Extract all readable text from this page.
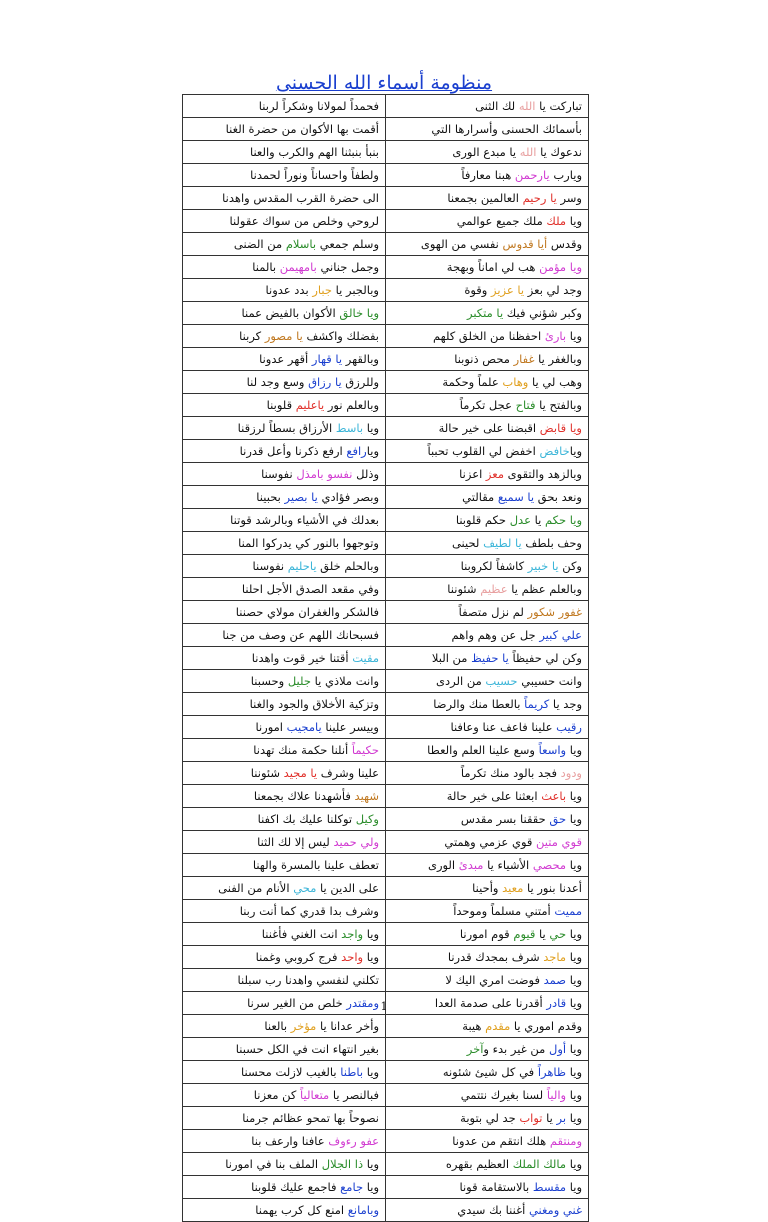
منظومة أسماء الله الحسنى
تباركت يا الله لك الثنى	فحمداً لمولانا وشكراً لربنا
بأسمائك الحسنى وأسرارها التي	أقمت بها الأكوان من حضرة الغنا
ندعوك يا الله يا مبدع الورى	بنبأ بنبثنا الهم والكرب والعنا
ويارب يارحمن هبنا معارفاً	ولطفاً واحساناً ونوراً لحمدنا
وسر يا رحيم العالمين بجمعنا	الى حضرة القرب المقدس واهدنا
ويا ملك ملك جميع عوالمي	لروحي وخلص من سواك عقولنا
وقدس أيا قدوس نفسي من الهوى	وسلم جمعي باسلام من الضنى
ويا مؤمن هب لي اماناً وبهجة	وجمل جناني بامهيمن بالمنا
وجد لي بعز يا عزيز وقوة	وبالجبر يا جبار بدد عدونا
وكبر شؤني فيك يا متكبر	ويا خالق الأكوان بالفيض عمنا
ويا بارئ احفظنا من الخلق كلهم	بفضلك واكشف يا مصور كربنا
وبالغفر يا غفار محص ذنوبنا	وبالقهر يا قهار أقهر عدونا
وهب لي يا وهاب علماً وحكمة	وللرزق يا رزاق وسع وجد لنا
وبالفتح يا فتاح عجل تكرماً	وبالعلم نور ياعليم قلوبنا
ويا قابض اقبضنا على خير حالة	ويا باسط الأرزاق بسطاً لرزقنا
وياخافض اخفض لي القلوب تحبباً	ويارافع ارفع ذكرنا وأعل قدرنا
وبالزهد والتقوى معز اعزنا	وذلل نفسو بامذل نفوسنا
ونعد بحق يا سميع مقالتي	وبصر فؤادي يا بصير بحبينا
ويا حكم يا عدل حكم قلوبنا	بعدلك في الأشياء وبالرشد قوتنا
وحف بلطف يا لطيف لحينى	وتوجهوا بالنور كي يدركوا المنا
وكن يا خبير كاشفاً لكروبنا	وبالحلم خلق ياحليم نفوسنا
وبالعلم عظم يا عظيم شئوننا	وفي مقعد الصدق الأجل احلنا
غفور شكور لم نزل متصفاً	فالشكر والغفران مولاي حصننا
علي كبير جل عن وهم واهم	فسبحانك اللهم عن وصف من جنا
وكن لي حفيظاً يا حفيظ من البلا	مقيت أقتنا خير قوت واهدنا
وانت حسيبي حسيب من الردى	وانت ملاذي يا جليل وحسبنا
وجد يا كريماً بالعطا منك والرضا	وتزكية الأخلاق والجود والغنا
رقيب علينا فاعف عنا وعافنا	وييسر علينا يامجيب امورنا
ويا واسعاً وسع علينا العلم والعطا	حكيماً أنلنا حكمة منك تهدنا
ودود فجد بالود منك تكرماً	علينا وشرف يا مجيد شئوننا
ويا باعث ابعثنا على خير حالة	شهيد فأشهدنا علاك بجمعنا
ويا حق حققنا بسر مقدس	وكيل توكلنا عليك بك اكفنا
قوي متين قوي عزمي وهمتي	ولي حميد ليس إلا لك الثنا
ويا محصي الأشياء يا مبدئ الورى	تعطف علينا بالمسرة والهنا
أعدنا بنور يا معيد وأحينا	على الدين يا محي الأنام من الفنى
مميت أمتني مسلماً وموحداً	وشرف بدا قدري كما أنت ربنا
ويا حي يا قيوم قوم امورنا	ويا واجد انت الغني فأغننا
ويا ماجد شرف بمجدك قدرنا	ويا واحد فرج كروبي وغمنا
ويا صمد فوضت امري اليك لا	تكلني لنفسي واهدنا رب سبلنا
ويا قادر أقدرنا على صدمة العدا	ومقتدر خلص من الغير سرنا
وقدم اموري يا مقدم هيبة	وأخر عدانا يا مؤخر بالعنا
ويا أول من غير بدء وآخر	بغير انتهاء انت في الكل حسبنا
ويا ظاهراً في كل شيئ شئونه	ويا باطنا بالغيب لازلت محسنا
ويا والياً لسنا بغيرك نتتمي	فبالنصر يا متعالياً كن معزنا
ويا بر يا تواب جد لي بتوبة	نصوحاً بها تمحو عظائم جرمنا
ومنتقم هلك انتقم من عدونا	عفو رءوف عافنا وارعف بنا
ويا مالك الملك العظيم بقهره	ويا ذا الجلال الملف بنا في امورنا
ويا مقسط بالاستقامة قونا	ويا جامع فاجمع عليك قلوبنا
غني ومغني أغننا بك سيدي	وبامانع امنع كل كرب يهمنا
1
